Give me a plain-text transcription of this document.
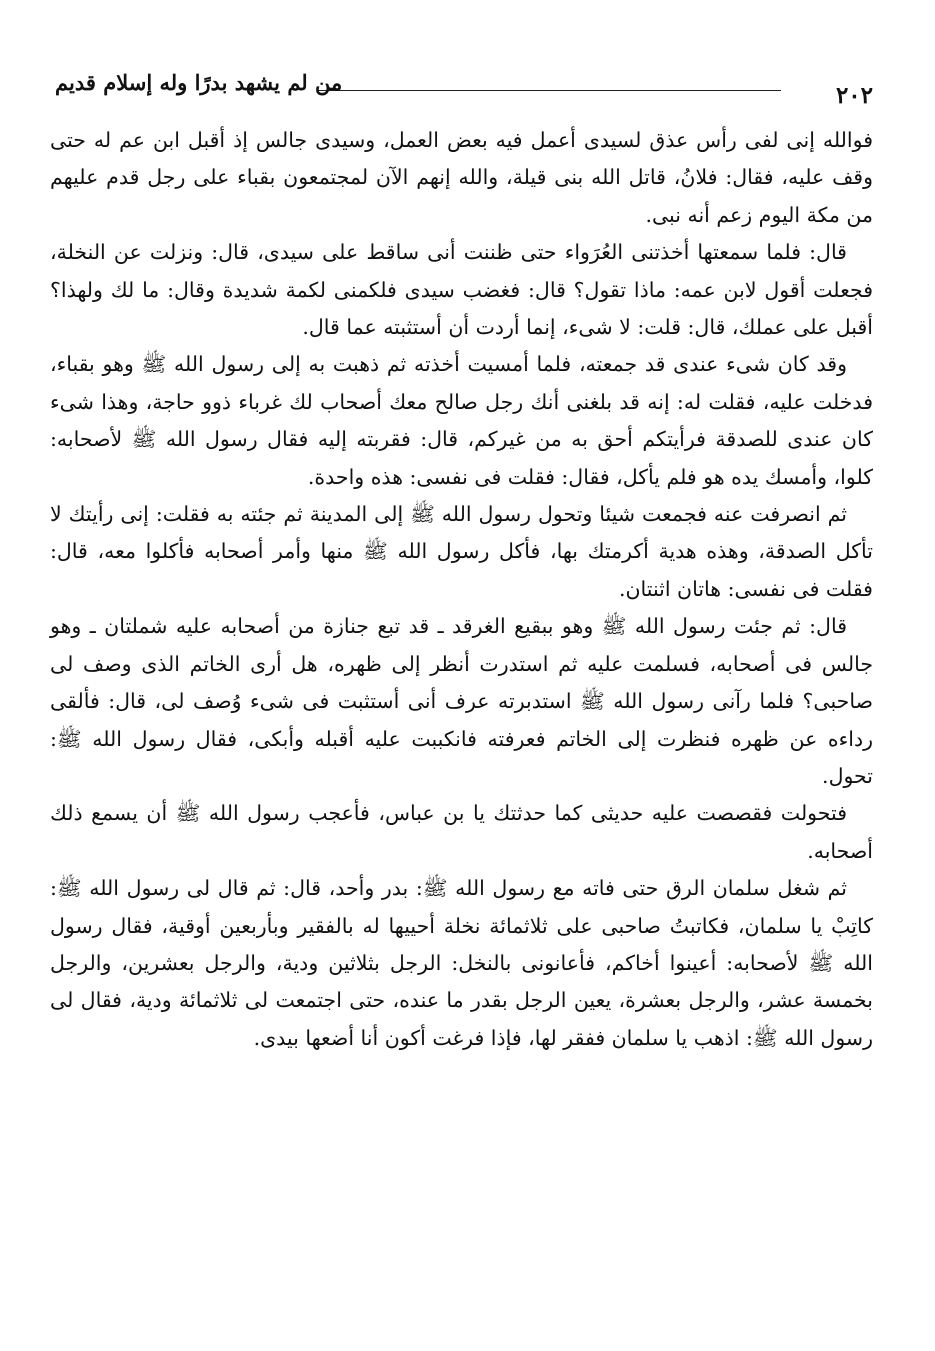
٢٠٢
من لم يشهد بدرًا وله إسلام قديم

فوالله إنى لفى رأس عذق لسيدى أعمل فيه بعض العمل، وسيدى جالس إذ أقبل ابن عم له حتى وقف عليه، فقال: فلانُ، قاتل الله بنى قيلة، والله إنهم الآن لمجتمعون بقباء على رجل قدم عليهم من مكة اليوم زعم أنه نبى.

قال: فلما سمعتها أخذتنى العُرَواء حتى ظننت أنى ساقط على سيدى، قال: ونزلت عن النخلة، فجعلت أقول لابن عمه: ماذا تقول؟ قال: فغضب سيدى فلكمنى لكمة شديدة وقال: ما لك ولهذا؟ أقبل على عملك، قال: قلت: لا شىء، إنما أردت أن أستثبته عما قال.

وقد كان شىء عندى قد جمعته، فلما أمسيت أخذته ثم ذهبت به إلى رسول الله ﷺ وهو بقباء، فدخلت عليه، فقلت له: إنه قد بلغنى أنك رجل صالح معك أصحاب لك غرباء ذوو حاجة، وهذا شىء كان عندى للصدقة فرأيتكم أحق به من غيركم، قال: فقربته إليه فقال رسول الله ﷺ لأصحابه: كلوا، وأمسك يده هو فلم يأكل، فقال: فقلت فى نفسى: هذه واحدة.

ثم انصرفت عنه فجمعت شيئا وتحول رسول الله ﷺ إلى المدينة ثم جئته به فقلت: إنى رأيتك لا تأكل الصدقة، وهذه هدية أكرمتك بها، فأكل رسول الله ﷺ منها وأمر أصحابه فأكلوا معه، قال: فقلت فى نفسى: هاتان اثنتان.

قال: ثم جئت رسول الله ﷺ وهو ببقيع الغرقد ـ قد تبع جنازة من أصحابه عليه شملتان ـ وهو جالس فى أصحابه، فسلمت عليه ثم استدرت أنظر إلى ظهره، هل أرى الخاتم الذى وصف لى صاحبى؟ فلما رآنى رسول الله ﷺ استدبرته عرف أنى أستثبت فى شىء وُصف لى، قال: فألقى رداءه عن ظهره فنظرت إلى الخاتم فعرفته فانكببت عليه أقبله وأبكى، فقال رسول الله ﷺ: تحول.

فتحولت فقصصت عليه حديثى كما حدثتك يا بن عباس، فأعجب رسول الله ﷺ أن يسمع ذلك أصحابه.

ثم شغل سلمان الرق حتى فاته مع رسول الله ﷺ: بدر وأحد، قال: ثم قال لى رسول الله ﷺ: كاتِبْ يا سلمان، فكاتبتُ صاحبى على ثلاثمائة نخلة أحييها له بالفقير وبأربعين أوقية، فقال رسول الله ﷺ لأصحابه: أعينوا أخاكم، فأعانونى بالنخل: الرجل بثلاثين ودية، والرجل بعشرين، والرجل بخمسة عشر، والرجل بعشرة، يعين الرجل بقدر ما عنده، حتى اجتمعت لى ثلاثمائة ودية، فقال لى رسول الله ﷺ: اذهب يا سلمان ففقر لها، فإذا فرغت أكون أنا أضعها بيدى.
